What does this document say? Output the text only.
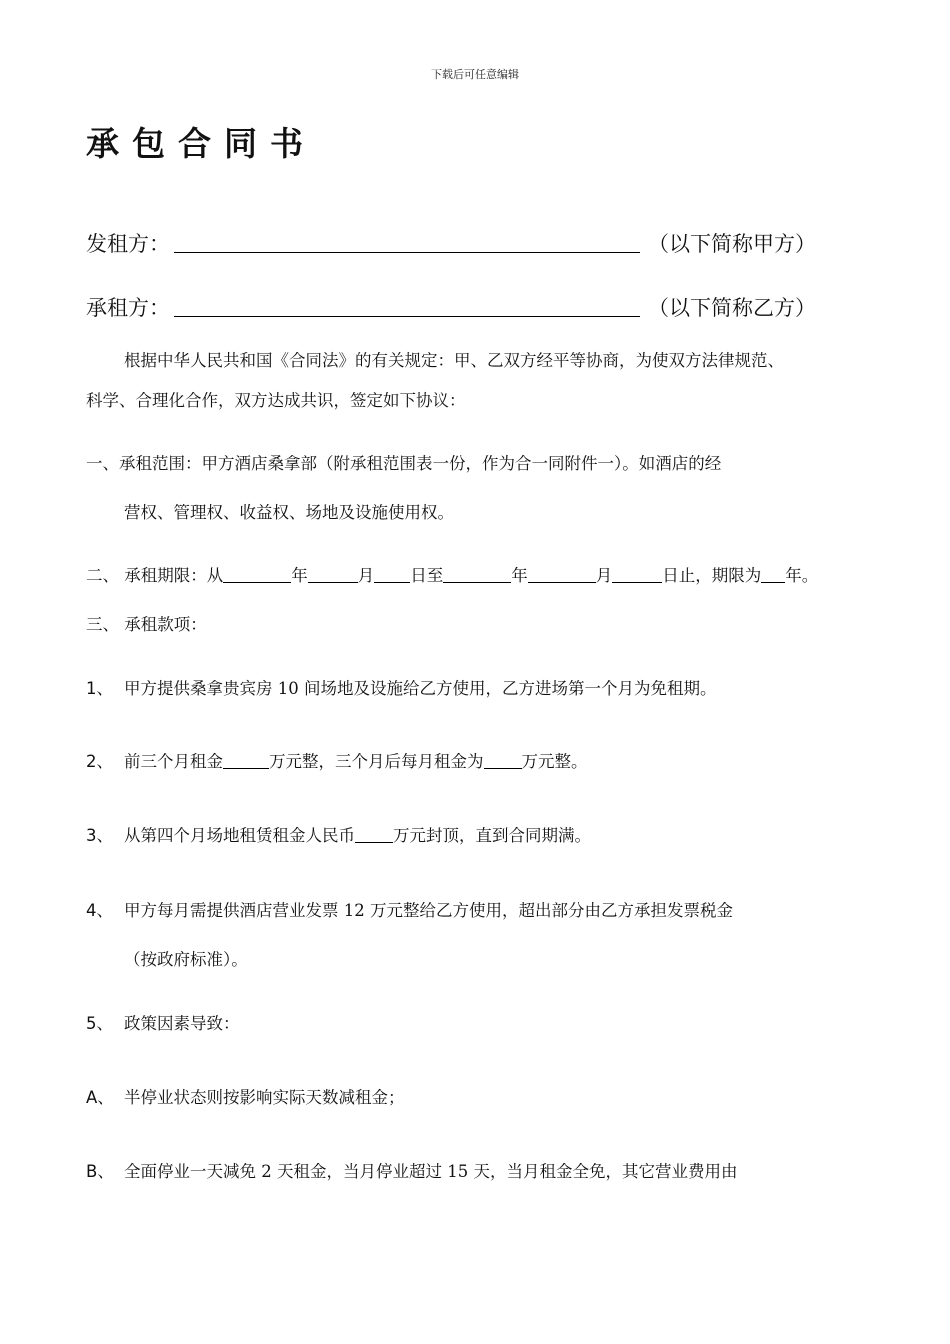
下载后可任意编辑
承包合同书
发租方：	（以下简称甲方）
承租方：	（以下简称乙方）
根据中华人民共和国《合同法》的有关规定：甲、乙双方经平等协商，为使双方法律规范、
科学、合理化合作，双方达成共识，签定如下协议：
一、承租范围：甲方酒店桑拿部（附承租范围表一份，作为合一同附件一）。如酒店的经
营权、管理权、收益权、场地及设施使用权。
二、 承租期限：从	年	月 日至	年	月	日止，期限为 年。
三、 承租款项：
1、 甲方提供桑拿贵宾房 10 间场地及设施给乙方使用，乙方进场第一个月为免租期。
2、 前三个月租金	万元整，三个月后每月租金为 万元整。
3、 从第四个月场地租赁租金人民币 万元封顶，直到合同期满。
4、 甲方每月需提供酒店营业发票 12 万元整给乙方使用，超出部分由乙方承担发票税金
（按政府标准）。
5、 政策因素导致：
A、 半停业状态则按影响实际天数减租金；
B、 全面停业一天减免 2 天租金，当月停业超过 15 天，当月租金全免，其它营业费用由
